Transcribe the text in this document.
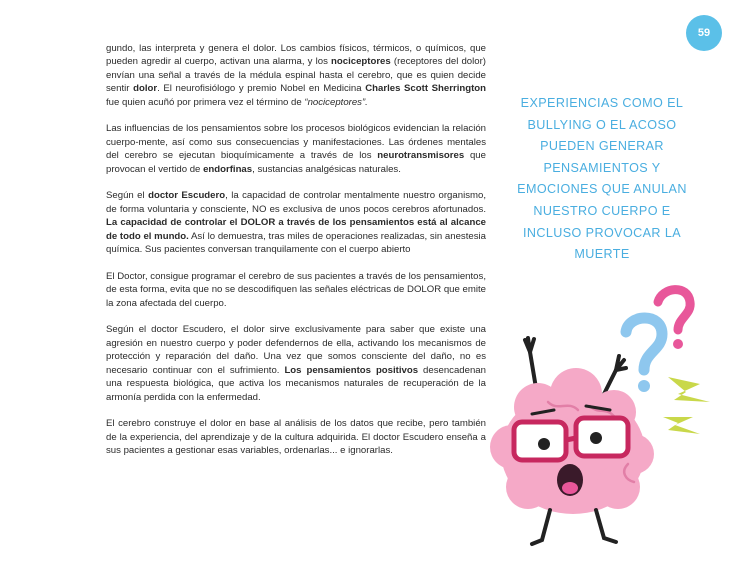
59

gundo, las interpreta y genera el dolor. Los cambios físicos, térmicos, o químicos, que pueden agredir al cuerpo, activan una alarma, y los nociceptores (receptores del dolor) envían una señal a través de la médula espinal hasta el cerebro, que es quien decide sentir dolor. El neurofisiólogo y premio Nobel en Medicina Charles Scott Sherrington fue quien acuñó por primera vez el término de “nociceptores”.

Las influencias de los pensamientos sobre los procesos biológicos evidencian la relación cuerpo-mente, así como sus consecuencias y manifestaciones. Las órdenes mentales del cerebro se ejecutan bioquímicamente a través de los neurotransmisores que provocan el vertido de endorfinas, sustancias analgésicas naturales.

Según el doctor Escudero, la capacidad de controlar mentalmente nuestro organismo, de forma voluntaria y consciente, NO es exclusiva de unos pocos cerebros afortunados. La capacidad de controlar el DOLOR a través de los pensamientos está al alcance de todo el mundo. Así lo demuestra, tras miles de operaciones realizadas, sin anestesia química. Sus pacientes conversan tranquilamente con el cuerpo abierto

El Doctor, consigue programar el cerebro de sus pacientes a través de los pensamientos, de esta forma, evita que no se descodifiquen las señales eléctricas de DOLOR que emite la zona afectada del cuerpo.

Según el doctor Escudero, el dolor sirve exclusivamente para saber que existe una agresión en nuestro cuerpo y poder defendernos de ella, activando los mecanismos de protección y reparación del daño. Una vez que somos consciente del daño, no es necesario continuar con el sufrimiento. Los pensamientos positivos desencadenan una respuesta biológica, que activa los mecanismos naturales de recuperación de la armonía perdida con la enfermedad.

El cerebro construye el dolor en base al análisis de los datos que recibe, pero también de la experiencia, del aprendizaje y de la cultura adquirida. El doctor Escudero enseña a sus pacientes a gestionar esas variables, ordenarlas... e ignorarlas.

EXPERIENCIAS COMO EL BULLYING O EL ACOSO PUEDEN GENERAR PENSAMIENTOS Y EMOCIONES QUE ANULAN NUESTRO CUERPO E INCLUSO PROVOCAR LA MUERTE
